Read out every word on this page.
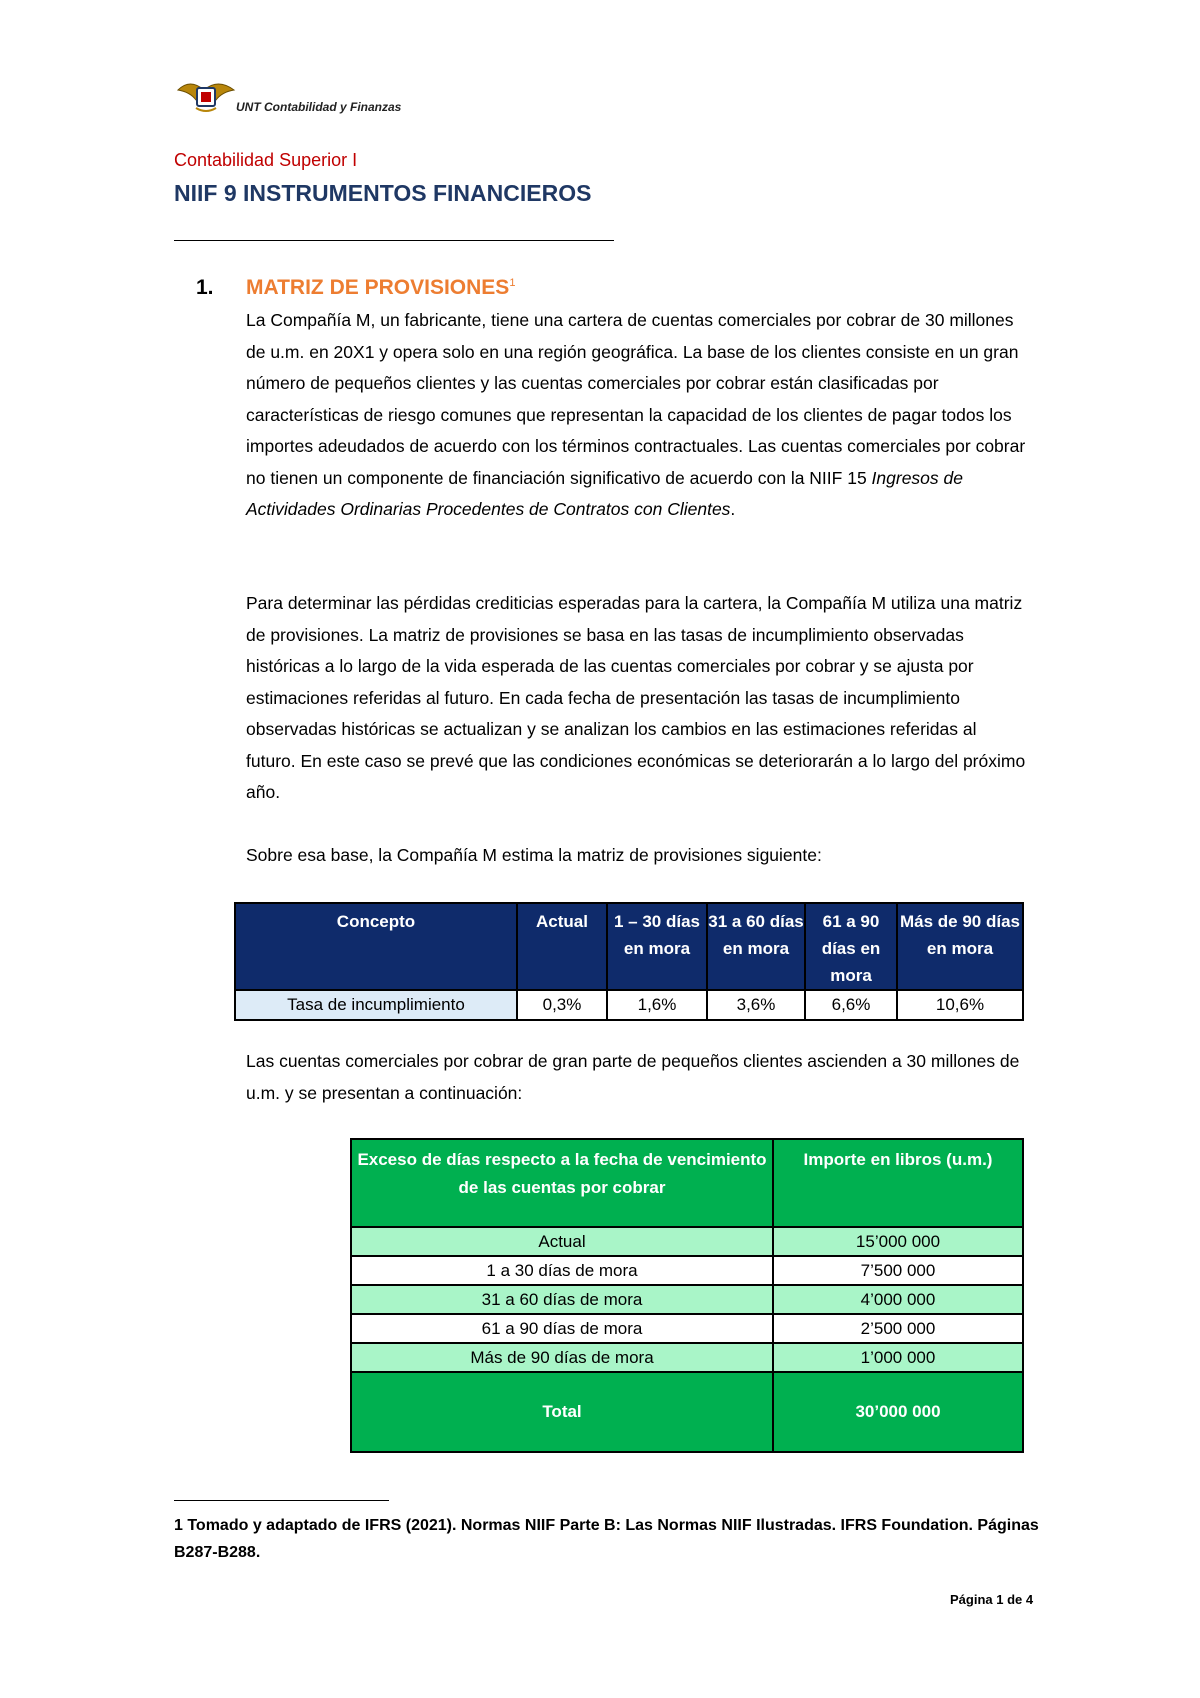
UNT Contabilidad y Finanzas
Contabilidad Superior I
NIIF 9 INSTRUMENTOS FINANCIEROS
1. MATRIZ DE PROVISIONES$^1$
La Compañía M, un fabricante, tiene una cartera de cuentas comerciales por cobrar de 30 millones de u.m. en 20X1 y opera solo en una región geográfica. La base de los clientes consiste en un gran número de pequeños clientes y las cuentas comerciales por cobrar están clasificadas por características de riesgo comunes que representan la capacidad de los clientes de pagar todos los importes adeudados de acuerdo con los términos contractuales. Las cuentas comerciales por cobrar no tienen un componente de financiación significativo de acuerdo con la NIIF 15 Ingresos de Actividades Ordinarias Procedentes de Contratos con Clientes.
Para determinar las pérdidas crediticias esperadas para la cartera, la Compañía M utiliza una matriz de provisiones. La matriz de provisiones se basa en las tasas de incumplimiento observadas históricas a lo largo de la vida esperada de las cuentas comerciales por cobrar y se ajusta por estimaciones referidas al futuro. En cada fecha de presentación las tasas de incumplimiento observadas históricas se actualizan y se analizan los cambios en las estimaciones referidas al futuro. En este caso se prevé que las condiciones económicas se deteriorarán a lo largo del próximo año.
Sobre esa base, la Compañía M estima la matriz de provisiones siguiente:
Concepto	Actual	1 – 30 días en mora	31 a 60 días en mora	61 a 90 días en mora	Más de 90 días en mora
Tasa de incumplimiento	0,3%	1,6%	3,6%	6,6%	10,6%
Las cuentas comerciales por cobrar de gran parte de pequeños clientes ascienden a 30 millones de u.m. y se presentan a continuación:
Exceso de días respecto a la fecha de vencimiento de las cuentas por cobrar	Importe en libros (u.m.)
Actual	15’000 000
1 a 30 días de mora	7’500 000
31 a 60 días de mora	4’000 000
61 a 90 días de mora	2’500 000
Más de 90 días de mora	1’000 000
Total	30’000 000
1 Tomado y adaptado de IFRS (2021). Normas NIIF Parte B: Las Normas NIIF Ilustradas. IFRS Foundation. Páginas B287-B288.
Página 1 de 4
